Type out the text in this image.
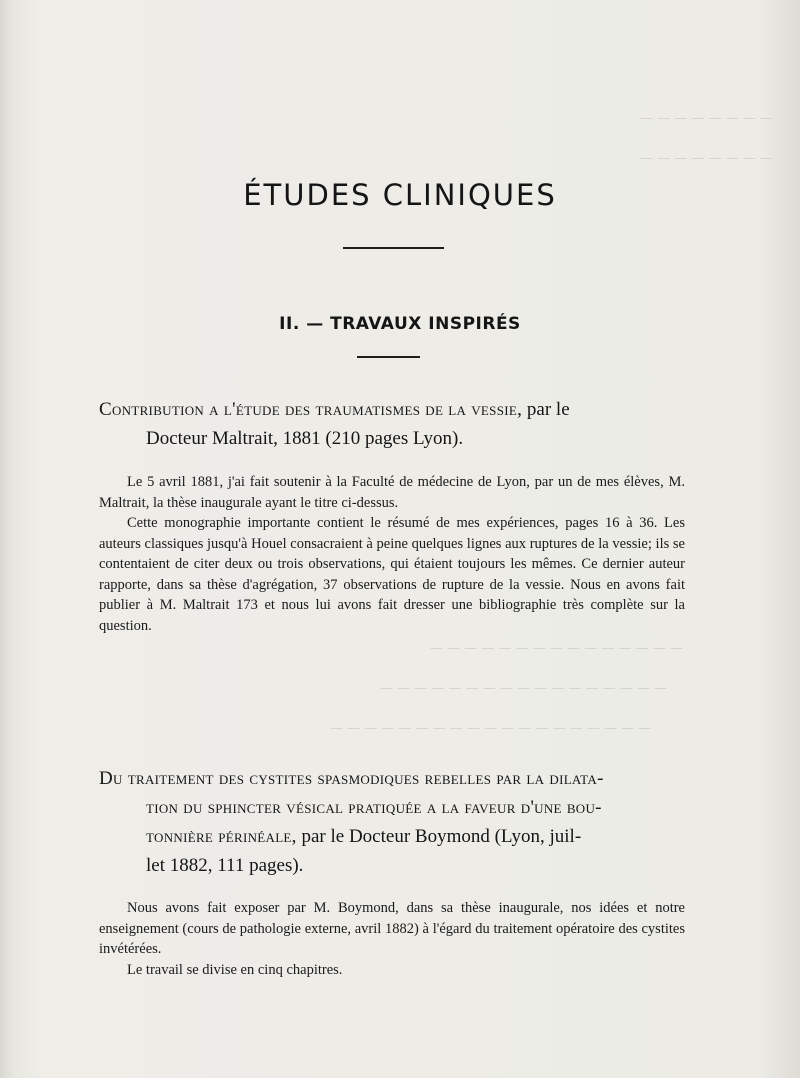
— — — — — — — —
— — — — — — — —
— — — — — — — — — — — — — — —
— — — — — — — — — — — — — — — — —
— — — — — — — — — — — — — — — — — — —
ÉTUDES CLINIQUES
II. — TRAVAUX INSPIRÉS
Contribution a l'étude des traumatismes de la vessie, par le
Docteur Maltrait, 1881 (210 pages Lyon).

Le 5 avril 1881, j'ai fait soutenir à la Faculté de médecine de Lyon, par un de mes élèves, M. Maltrait, la thèse inaugurale ayant le titre ci-dessus.

Cette monographie importante contient le résumé de mes expériences, pages 16 à 36. Les auteurs classiques jusqu'à Houel consacraient à peine quelques lignes aux ruptures de la vessie; ils se contentaient de citer deux ou trois observations, qui étaient toujours les mêmes. Ce dernier auteur rapporte, dans sa thèse d'agrégation, 37 observations de rupture de la vessie. Nous en avons fait publier à M. Maltrait 173 et nous lui avons fait dresser une bibliographie très complète sur la question.

Du traitement des cystites spasmodiques rebelles par la dilata-
tion du sphincter vésical pratiquée a la faveur d'une bou-
tonnière périnéale, par le Docteur Boymond (Lyon, juil-
let 1882, 111 pages).

Nous avons fait exposer par M. Boymond, dans sa thèse inaugurale, nos idées et notre enseignement (cours de pathologie externe, avril 1882) à l'égard du traitement opératoire des cystites invétérées.

Le travail se divise en cinq chapitres.
